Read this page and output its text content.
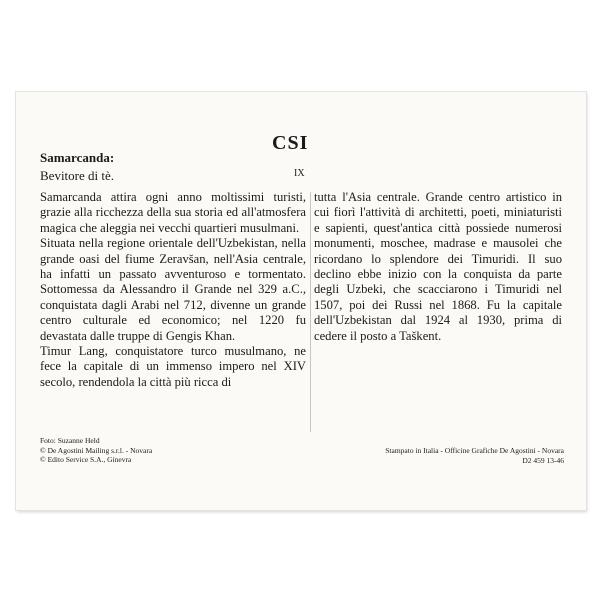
Samarcanda:
Bevitore di tè.
CSI
IX

Samarcanda attira ogni anno moltissimi turisti, grazie alla ricchezza della sua storia ed all'atmosfera magica che aleggia nei vecchi quartieri musulmani.

Situata nella regione orientale dell'Uzbekistan, nella grande oasi del fiume Zeravšan, nell'Asia centrale, ha infatti un passato avventuroso e tormentato. Sottomessa da Alessandro il Grande nel 329 a.C., conquistata dagli Arabi nel 712, divenne un grande centro culturale ed economico; nel 1220 fu devastata dalle truppe di Gengis Khan.

Timur Lang, conquistatore turco musulmano, ne fece la capitale di un immenso impero nel XIV secolo, rendendola la città più ricca di

tutta l'Asia centrale. Grande centro artistico in cui fiorì l'attività di architetti, poeti, miniaturisti e sapienti, quest'antica città possiede numerosi monumenti, moschee, madrase e mausolei che ricordano lo splendore dei Timuridi. Il suo declino ebbe inizio con la conquista da parte degli Uzbeki, che scacciarono i Timuridi nel 1507, poi dei Russi nel 1868. Fu la capitale dell'Uzbekistan dal 1924 al 1930, prima di cedere il posto a Taškent.

Foto: Suzanne Held
© De Agostini Mailing s.r.l. - Novara
© Edito Service S.A., Ginevra
Stampato in Italia - Officine Grafiche De Agostini - Novara
D2 459 13-46
